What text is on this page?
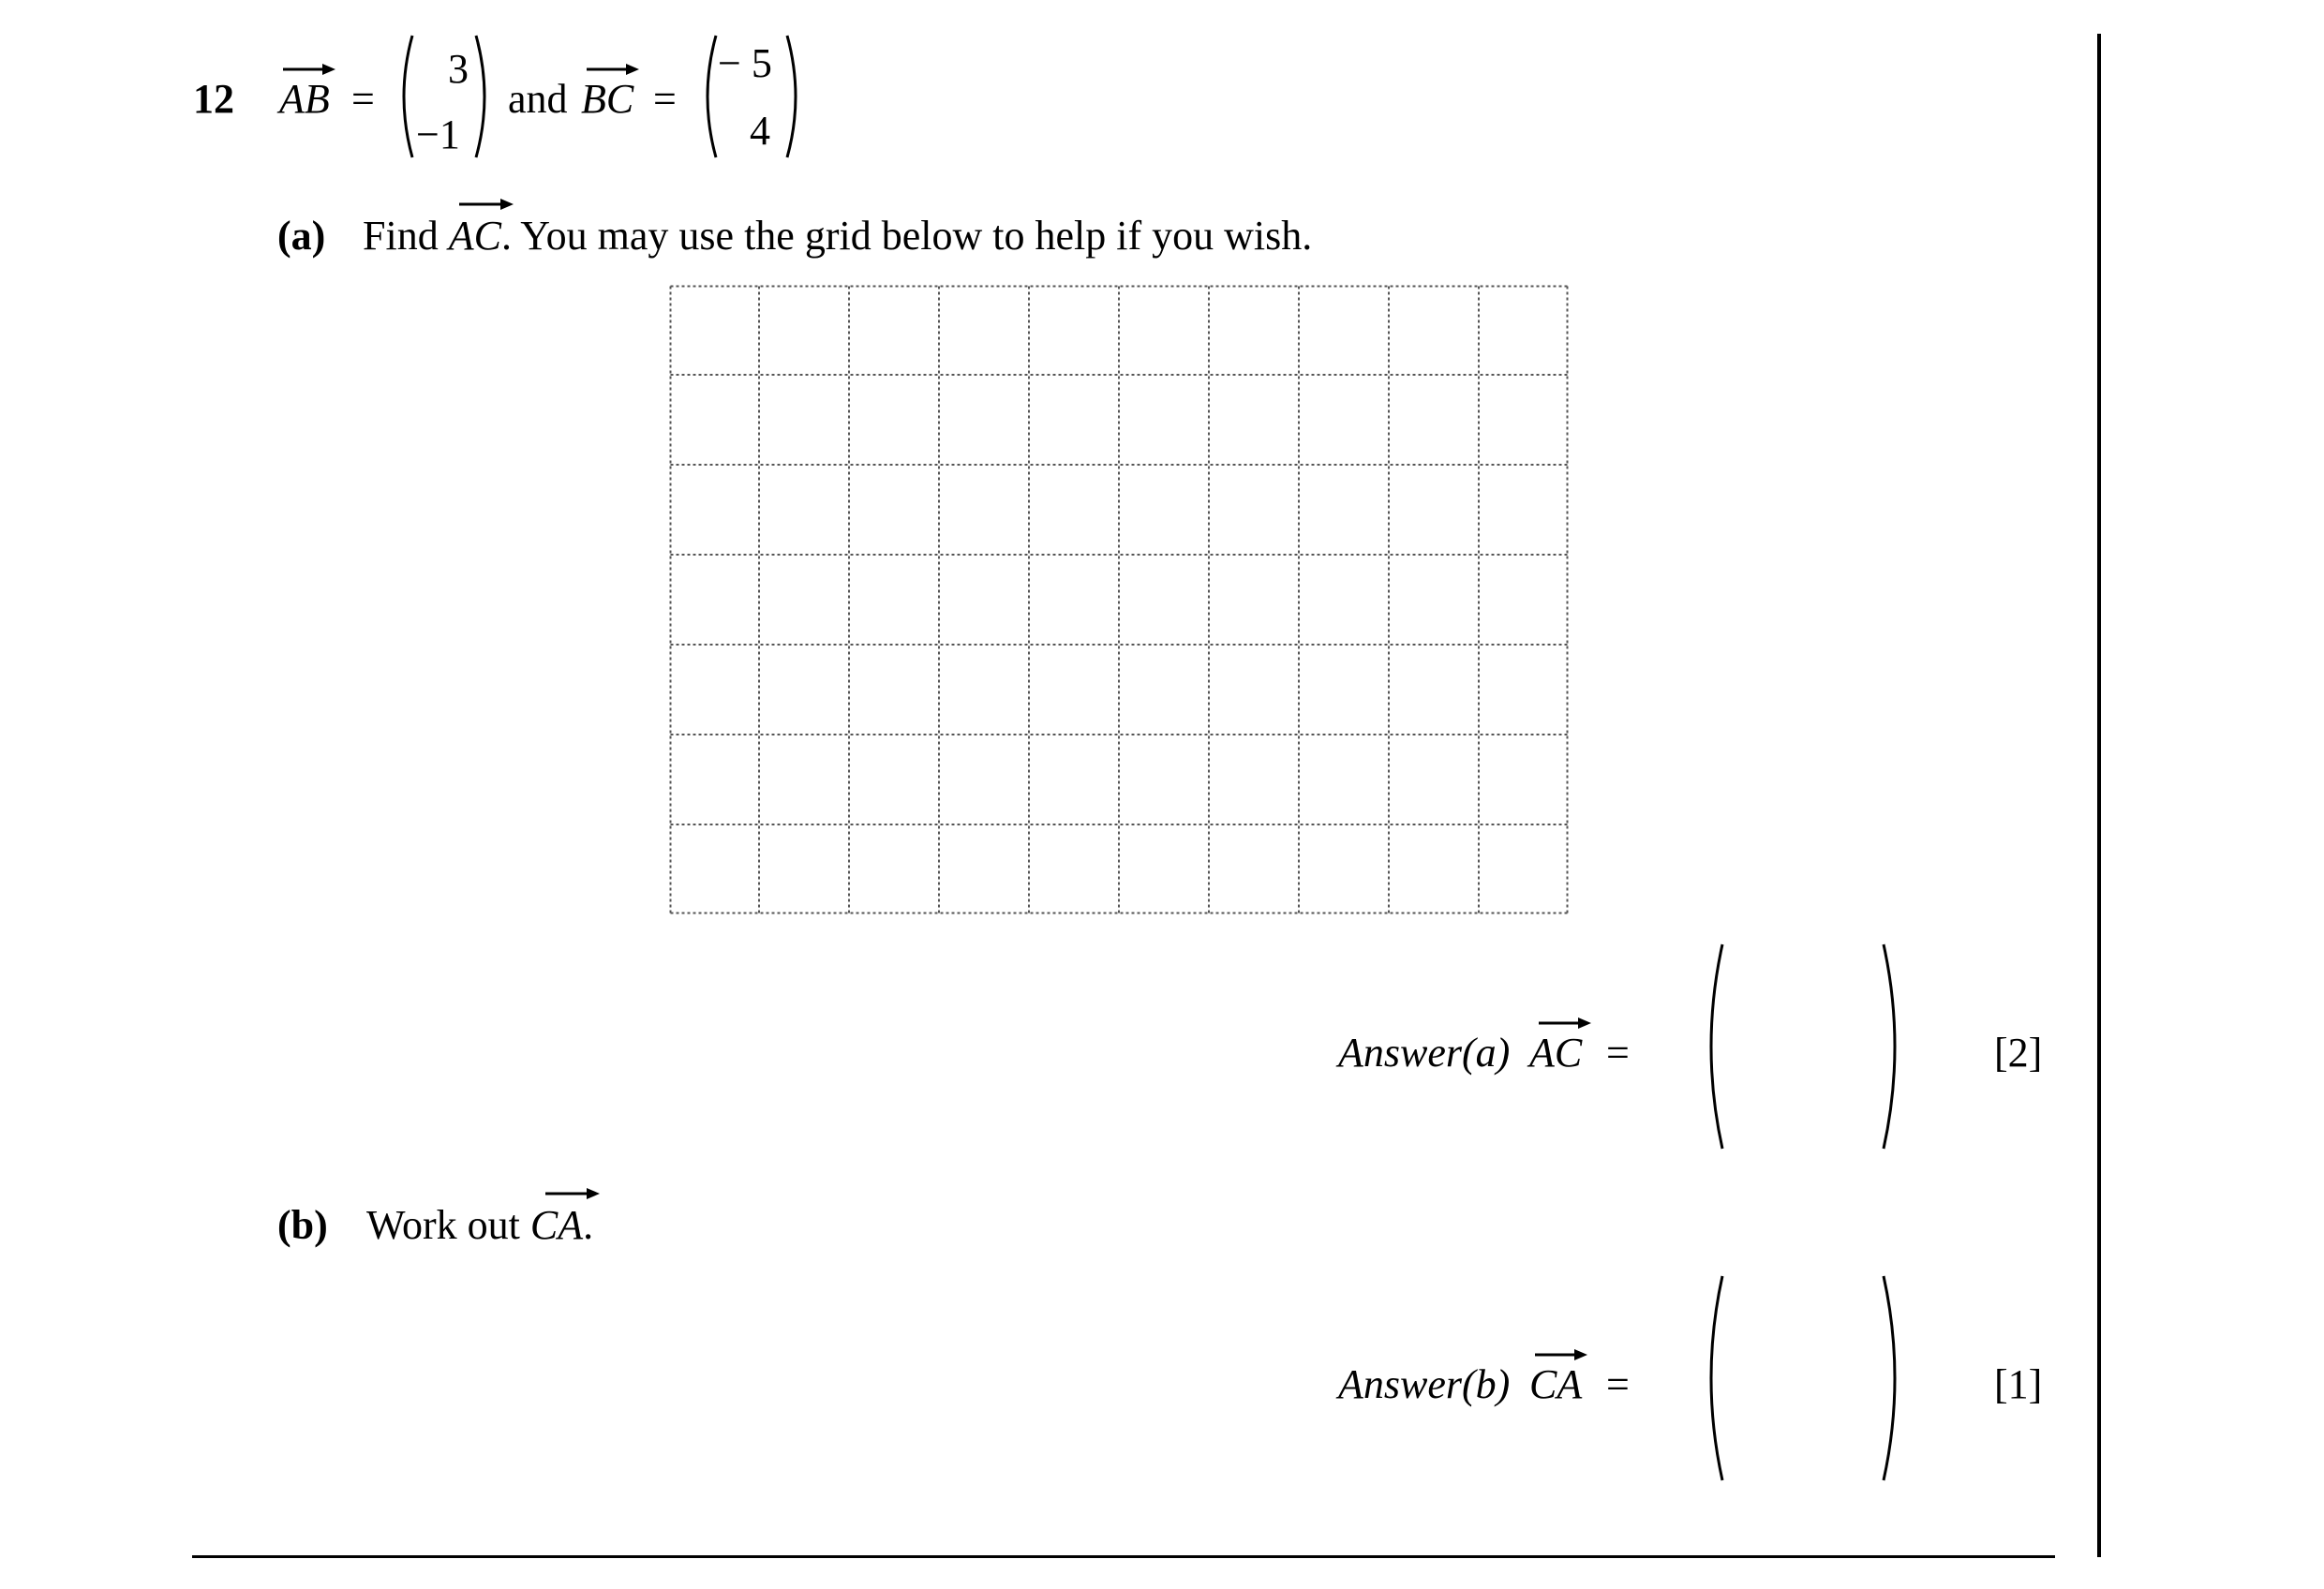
12 AB =
3
−1
and BC =
− 5
4
(a) Find AC. You may use the grid below to help if you wish.
Answer(a) AC =	[2]
(b) Work out CA.
Answer(b) CA =	[1]
